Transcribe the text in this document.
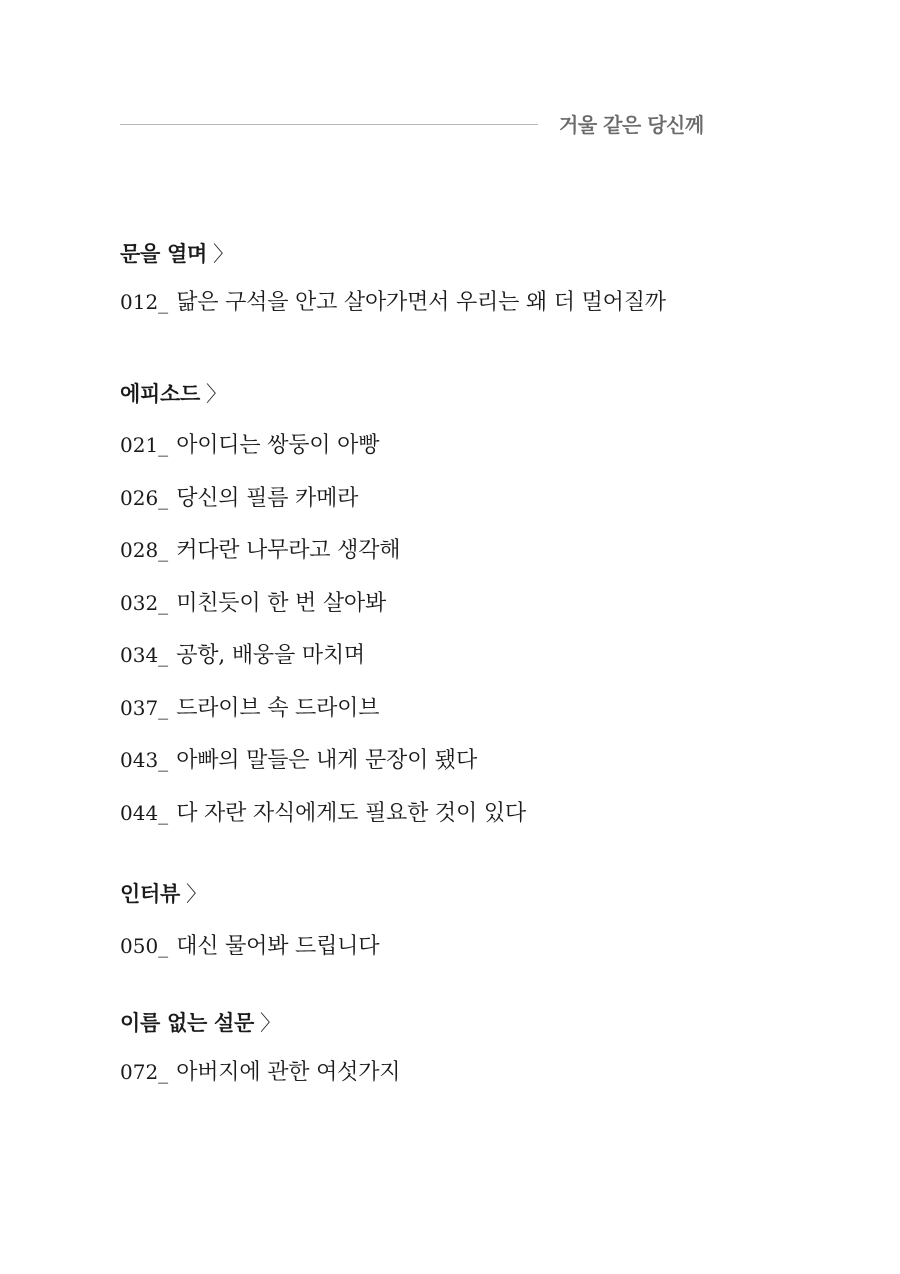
거울 같은 당신께
문을 열며 〉
012_ 닮은 구석을 안고 살아가면서 우리는 왜 더 멀어질까
에피소드 〉
021_ 아이디는 쌍둥이 아빵
026_ 당신의 필름 카메라
028_ 커다란 나무라고 생각해
032_ 미친듯이 한 번 살아봐
034_ 공항, 배웅을 마치며
037_ 드라이브 속 드라이브
043_ 아빠의 말들은 내게 문장이 됐다
044_ 다 자란 자식에게도 필요한 것이 있다
인터뷰 〉
050_ 대신 물어봐 드립니다
이름 없는 설문 〉
072_ 아버지에 관한 여섯가지
